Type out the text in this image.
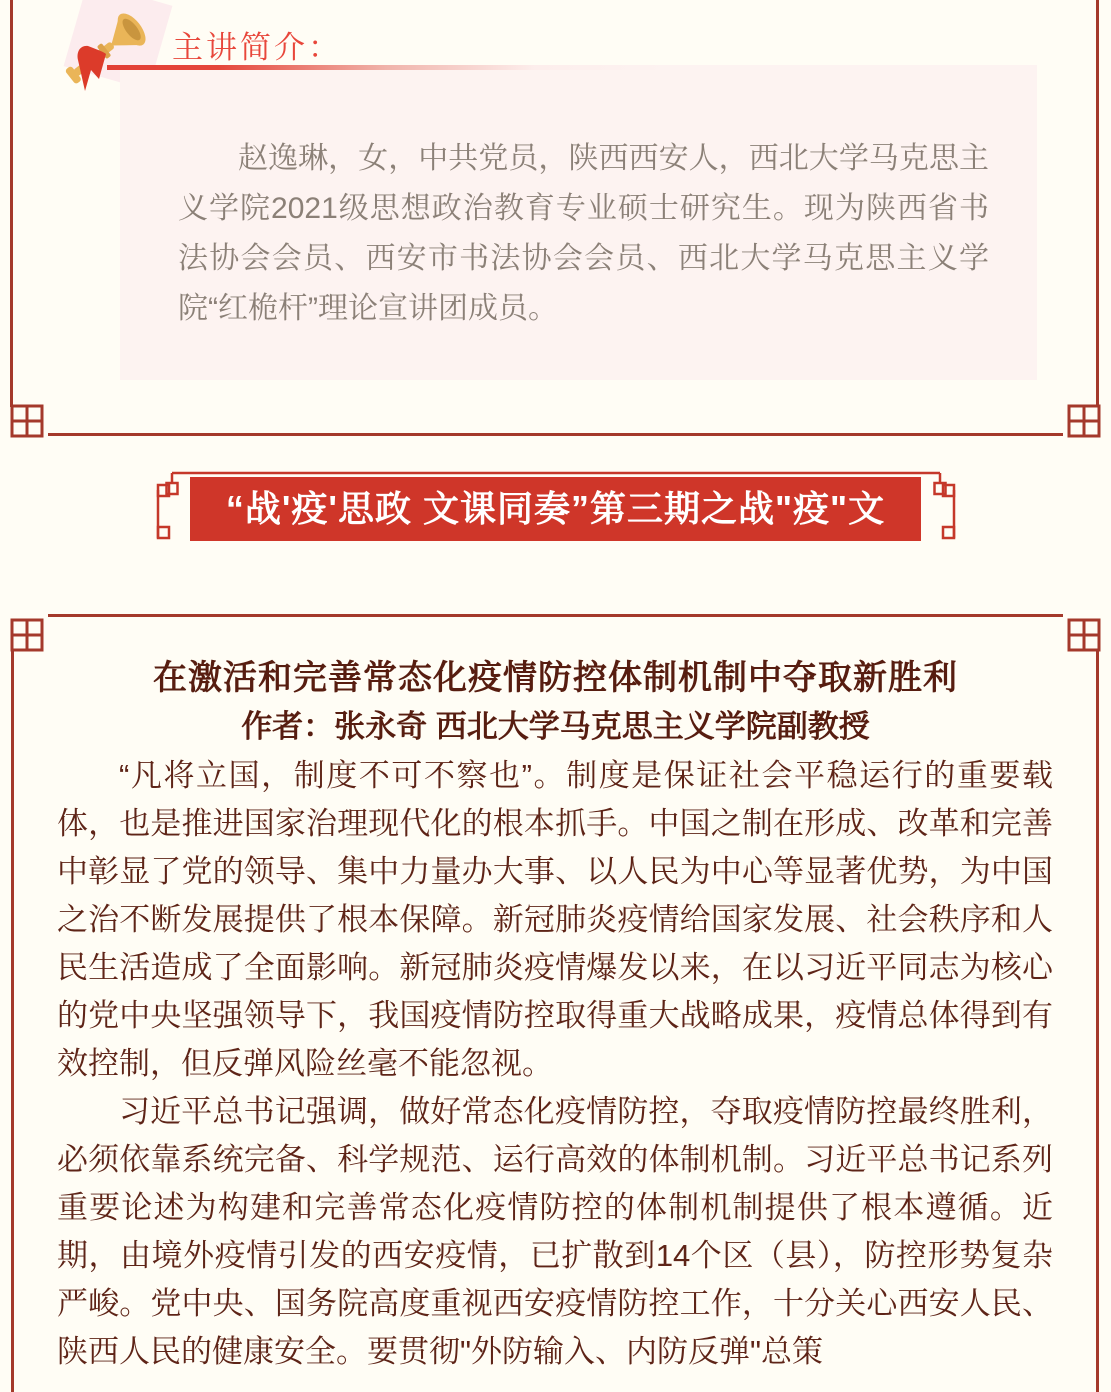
主讲简介：

赵逸琳，女，中共党员，陕西西安人，西北大学马克思主义学院2021级思想政治教育专业硕士研究生。现为陕西省书法协会会员、西安市书法协会会员、西北大学马克思主义学院“红桅杆”理论宣讲团成员。

“战'疫'思政 文课同奏”第三期之战"疫"文
在激活和完善常态化疫情防控体制机制中夺取新胜利
作者：张永奇 西北大学马克思主义学院副教授

“凡将立国，制度不可不察也”。制度是保证社会平稳运行的重要载体，也是推进国家治理现代化的根本抓手。中国之制在形成、改革和完善中彰显了党的领导、集中力量办大事、以人民为中心等显著优势，为中国之治不断发展提供了根本保障。新冠肺炎疫情给国家发展、社会秩序和人民生活造成了全面影响。新冠肺炎疫情爆发以来，在以习近平同志为核心的党中央坚强领导下，我国疫情防控取得重大战略成果，疫情总体得到有效控制，但反弹风险丝毫不能忽视。

习近平总书记强调，做好常态化疫情防控，夺取疫情防控最终胜利，必须依靠系统完备、科学规范、运行高效的体制机制。习近平总书记系列重要论述为构建和完善常态化疫情防控的体制机制提供了根本遵循。近期，由境外疫情引发的西安疫情，已扩散到14个区（县），防控形势复杂严峻。党中央、国务院高度重视西安疫情防控工作，十分关心西安人民、陕西人民的健康安全。要贯彻"外防输入、内防反弹"总策
